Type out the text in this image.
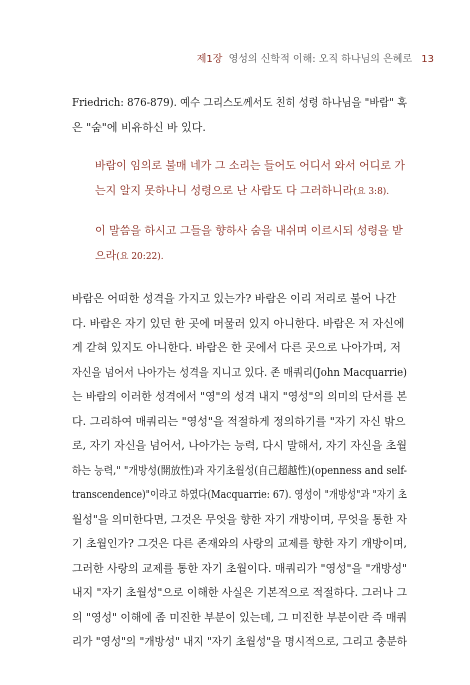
제1장 영성의 신학적 이해: 오직 하나님의 은혜로 13
Friedrich: 876-879). 예수 그리스도께서도 친히 성령 하나님을 "바람" 혹
은 "숨"에 비유하신 바 있다.
바람이 임의로 불매 네가 그 소리는 들어도 어디서 와서 어디로 가
는지 알지 못하나니 성령으로 난 사람도 다 그러하니라(요 3:8).
이 말씀을 하시고 그들을 향하사 숨을 내쉬며 이르시되 성령을 받
으라(요 20:22).
바람은 어떠한 성격을 가지고 있는가? 바람은 이리 저리로 불어 나간
다. 바람은 자기 있던 한 곳에 머물러 있지 아니한다. 바람은 저 자신에
게 갇혀 있지도 아니한다. 바람은 한 곳에서 다른 곳으로 나아가며, 저
자신을 넘어서 나아가는 성격을 지니고 있다. 존 매쿼리(John Macquarrie)
는 바람의 이러한 성격에서 "영"의 성격 내지 "영성"의 의미의 단서를 본
다. 그리하여 매쿼리는 "영성"을 적절하게 정의하기를 "자기 자신 밖으
로, 자기 자신을 넘어서, 나아가는 능력, 다시 말해서, 자기 자신을 초월
하는 능력," "개방성(開放性)과 자기초월성(自己超越性)(openness and self-
transcendence)"이라고 하였다(Macquarrie: 67). 영성이 "개방성"과 "자기 초
월성"을 의미한다면, 그것은 무엇을 향한 자기 개방이며, 무엇을 통한 자
기 초월인가? 그것은 다른 존재와의 사랑의 교제를 향한 자기 개방이며,
그러한 사랑의 교제를 통한 자기 초월이다. 매쿼리가 "영성"을 "개방성"
내지 "자기 초월성"으로 이해한 사실은 기본적으로 적절하다. 그러나 그
의 "영성" 이해에 좀 미진한 부분이 있는데, 그 미진한 부분이란 즉 매쿼
리가 "영성"의 "개방성" 내지 "자기 초월성"을 명시적으로, 그리고 충분하
